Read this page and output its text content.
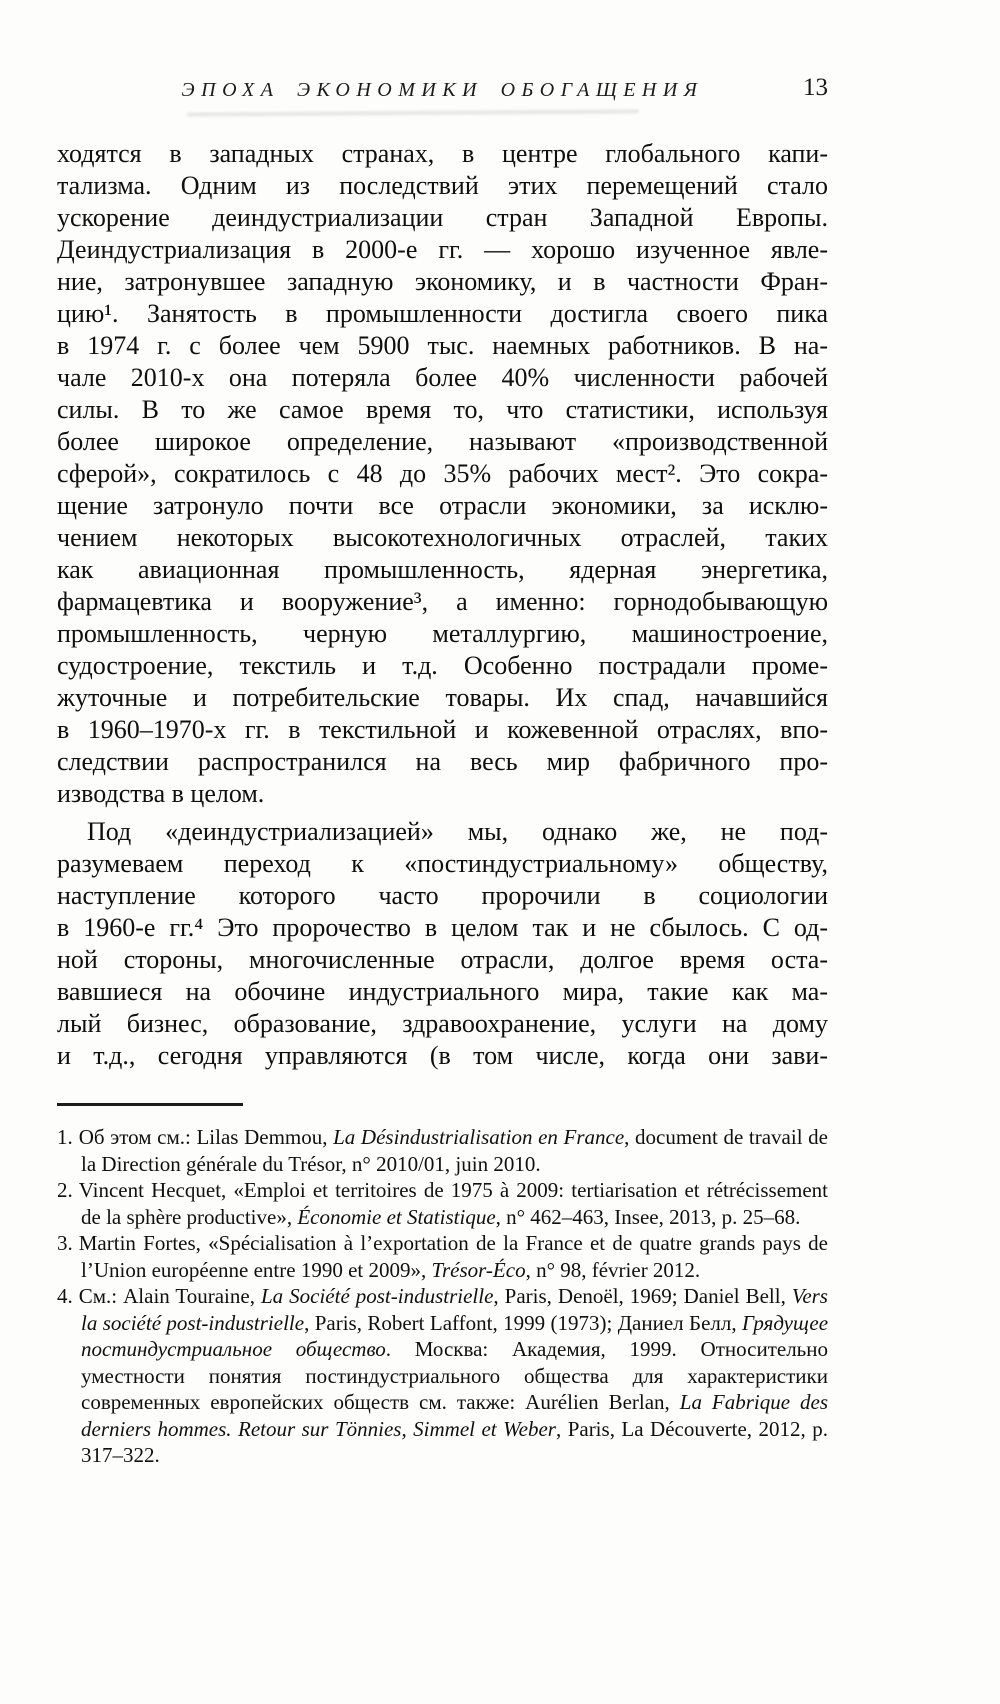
ЭПОХА ЭКОНОМИКИ ОБОГАЩЕНИЯ	13
ходятся в западных странах, в центре глобального капи-
тализма. Одним из последствий этих перемещений стало
ускорение деиндустриализации стран Западной Европы.
Деиндустриализация в 2000-е гг. — хорошо изученное явле-
ние, затронувшее западную экономику, и в частности Фран-
цию¹. Занятость в промышленности достигла своего пика
в 1974 г. с более чем 5900 тыс. наемных работников. В на-
чале 2010-х она потеряла более 40% численности рабочей
силы. В то же самое время то, что статистики, используя
более широкое определение, называют «производственной
сферой», сократилось с 48 до 35% рабочих мест². Это сокра-
щение затронуло почти все отрасли экономики, за исклю-
чением некоторых высокотехнологичных отраслей, таких
как авиационная промышленность, ядерная энергетика,
фармацевтика и вооружение³, а именно: горнодобывающую
промышленность, черную металлургию, машиностроение,
судостроение, текстиль и т.д. Особенно пострадали проме-
жуточные и потребительские товары. Их спад, начавшийся
в 1960–1970-х гг. в текстильной и кожевенной отраслях, впо-
следствии распространился на весь мир фабричного про-
изводства в целом.
Под «деиндустриализацией» мы, однако же, не под-
разумеваем переход к «постиндустриальному» обществу,
наступление которого часто пророчили в социологии
в 1960-е гг.⁴ Это пророчество в целом так и не сбылось. С од-
ной стороны, многочисленные отрасли, долгое время оста-
вавшиеся на обочине индустриального мира, такие как ма-
лый бизнес, образование, здравоохранение, услуги на дому
и т.д., сегодня управляются (в том числе, когда они зави-
1. Об этом см.: Lilas Demmou, La Désindustrialisation en France, document de travail de la Direction générale du Trésor, n° 2010/01, juin 2010.
2. Vincent Hecquet, «Emploi et territoires de 1975 à 2009: tertiarisation et rétrécissement de la sphère productive», Économie et Statistique, n° 462–463, Insee, 2013, p. 25–68.
3. Martin Fortes, «Spécialisation à l’exportation de la France et de quatre grands pays de l’Union européenne entre 1990 et 2009», Trésor-Éco, n° 98, février 2012.
4. См.: Alain Touraine, La Société post-industrielle, Paris, Denoël, 1969; Daniel Bell, Vers la société post-industrielle, Paris, Robert Laffont, 1999 (1973); Даниел Белл, Грядущее постиндустриальное общество. Москва: Академия, 1999. Относительно уместности понятия постиндустриального общества для характеристики современных европейских обществ см. также: Aurélien Berlan, La Fabrique des derniers hommes. Retour sur Tönnies, Simmel et Weber, Paris, La Découverte, 2012, p. 317–322.
